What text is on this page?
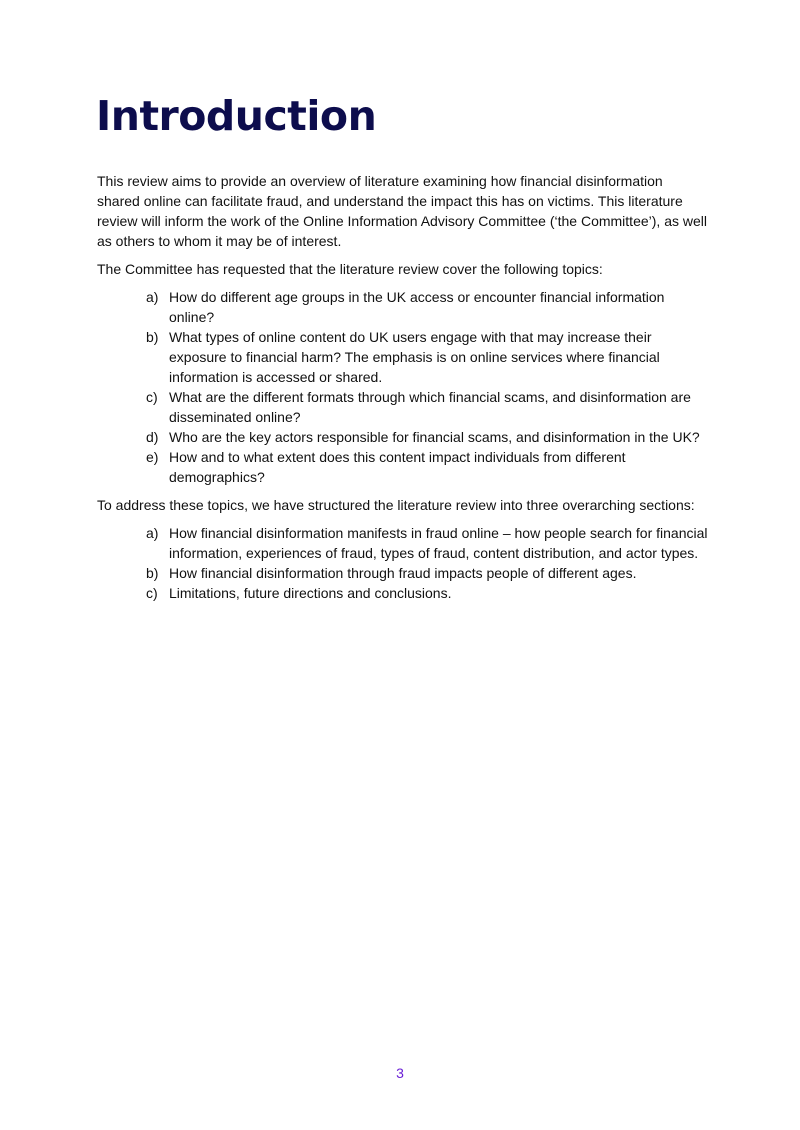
Introduction

This review aims to provide an overview of literature examining how financial disinformation shared online can facilitate fraud, and understand the impact this has on victims. This literature review will inform the work of the Online Information Advisory Committee (‘the Committee’), as well as others to whom it may be of interest.

The Committee has requested that the literature review cover the following topics:

a) How do different age groups in the UK access or encounter financial information online?
b) What types of online content do UK users engage with that may increase their exposure to financial harm? The emphasis is on online services where financial information is accessed or shared.
c) What are the different formats through which financial scams, and disinformation are disseminated online?
d) Who are the key actors responsible for financial scams, and disinformation in the UK?
e) How and to what extent does this content impact individuals from different demographics?

To address these topics, we have structured the literature review into three overarching sections:

a) How financial disinformation manifests in fraud online – how people search for financial information, experiences of fraud, types of fraud, content distribution, and actor types.
b) How financial disinformation through fraud impacts people of different ages.
c) Limitations, future directions and conclusions.
3
